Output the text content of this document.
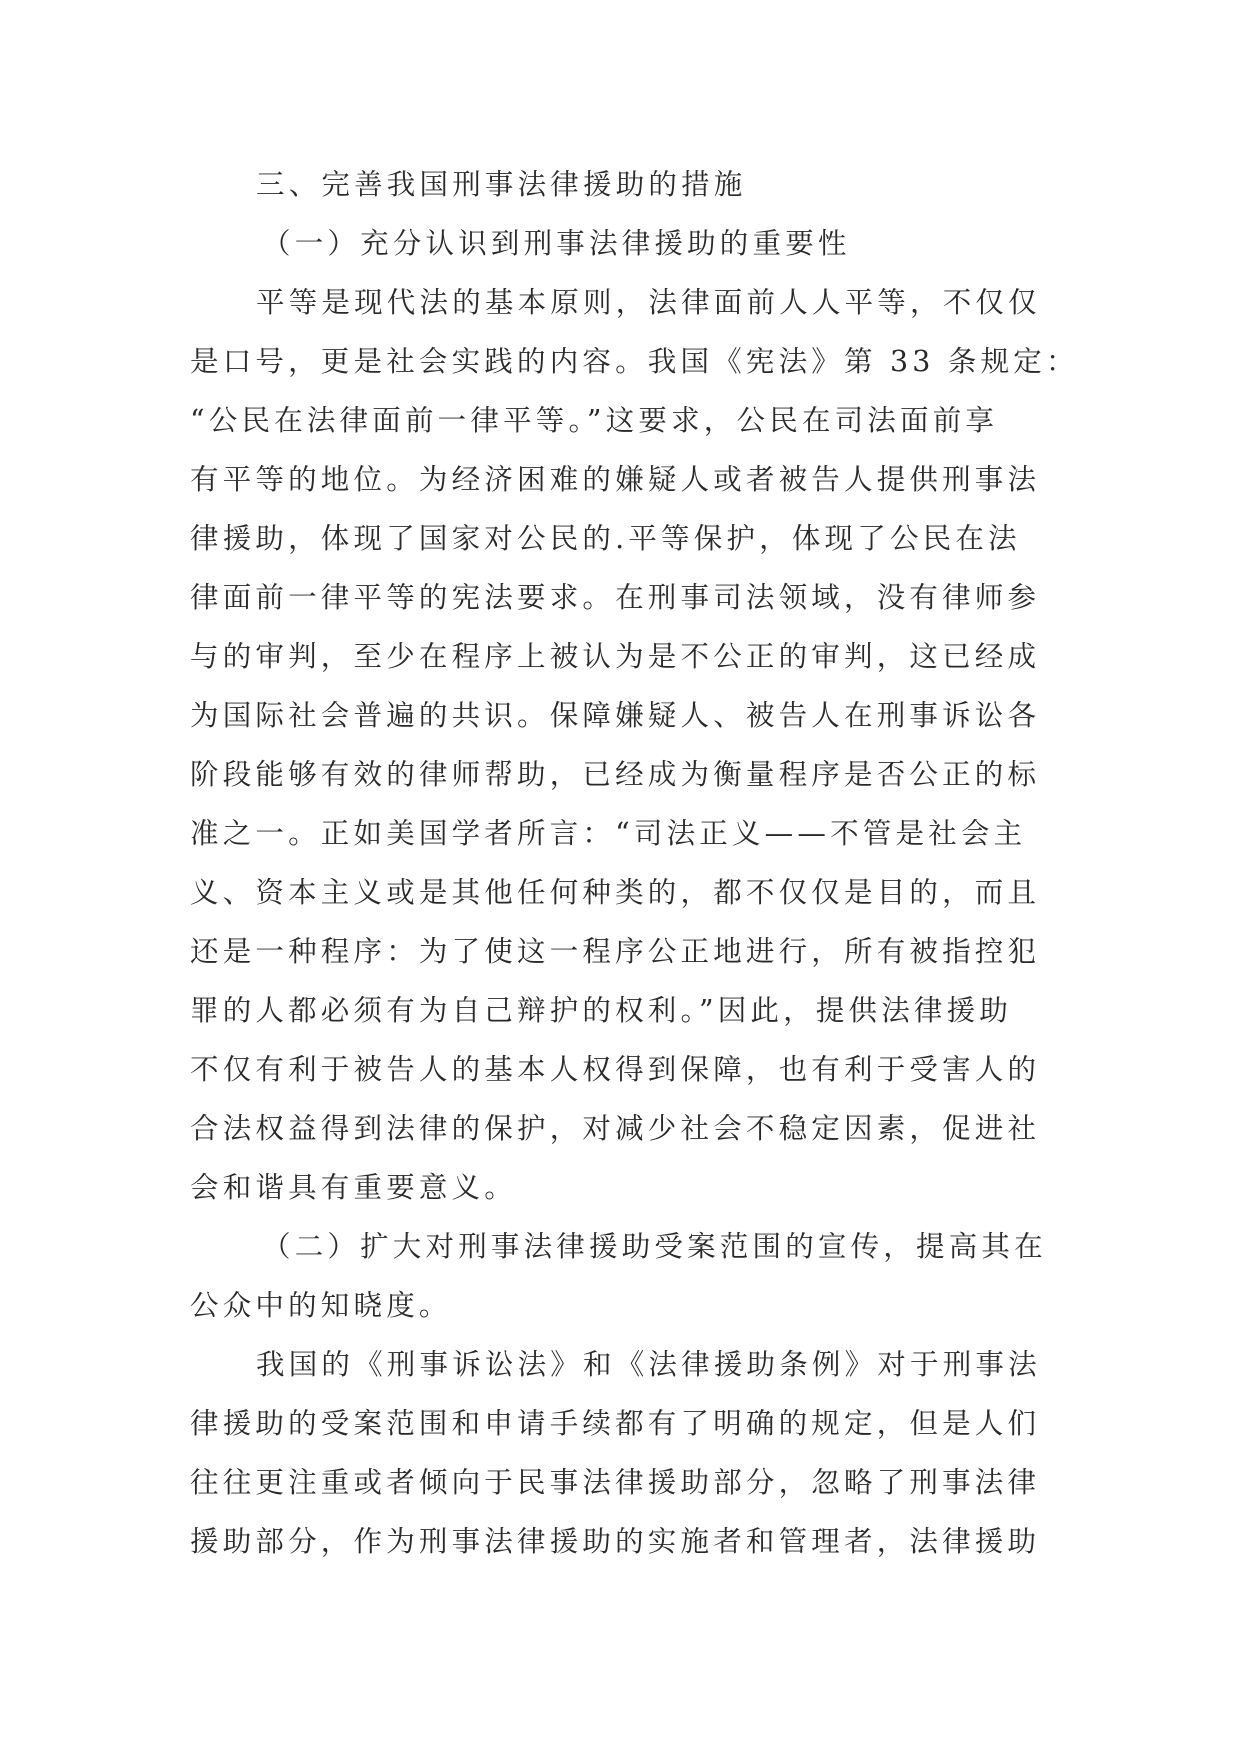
三、完善我国刑事法律援助的措施
（一）充分认识到刑事法律援助的重要性
平等是现代法的基本原则，法律面前人人平等，不仅仅
是口号，更是社会实践的内容。我国《宪法》第 33 条规定：
“公民在法律面前一律平等。”这要求，公民在司法面前享
有平等的地位。为经济困难的嫌疑人或者被告人提供刑事法
律援助，体现了国家对公民的.平等保护，体现了公民在法
律面前一律平等的宪法要求。在刑事司法领域，没有律师参
与的审判，至少在程序上被认为是不公正的审判，这已经成
为国际社会普遍的共识。保障嫌疑人、被告人在刑事诉讼各
阶段能够有效的律师帮助，已经成为衡量程序是否公正的标
准之一。正如美国学者所言：“司法正义——不管是社会主
义、资本主义或是其他任何种类的，都不仅仅是目的，而且
还是一种程序：为了使这一程序公正地进行，所有被指控犯
罪的人都必须有为自己辩护的权利。”因此，提供法律援助
不仅有利于被告人的基本人权得到保障，也有利于受害人的
合法权益得到法律的保护，对减少社会不稳定因素，促进社
会和谐具有重要意义。
（二）扩大对刑事法律援助受案范围的宣传，提高其在
公众中的知晓度。
我国的《刑事诉讼法》和《法律援助条例》对于刑事法
律援助的受案范围和申请手续都有了明确的规定，但是人们
往往更注重或者倾向于民事法律援助部分，忽略了刑事法律
援助部分，作为刑事法律援助的实施者和管理者，法律援助
